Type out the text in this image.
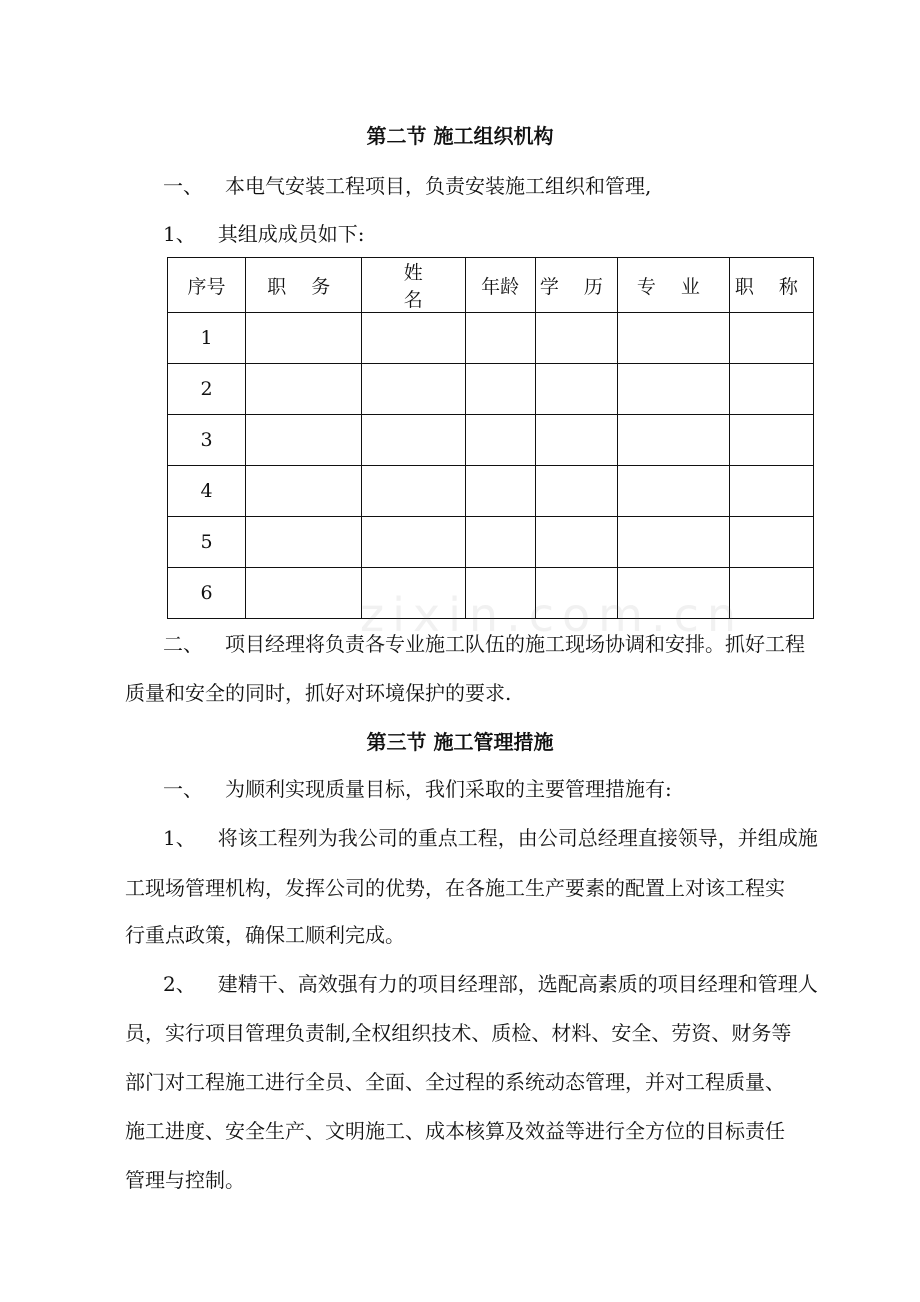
第二节 施工组织机构
一、 本电气安装工程项目，负责安装施工组织和管理,
1、 其组成成员如下:
序号	职 务	姓 名	年龄	学 历	专 业	职 称
1						
2						
3						
4						
5						
6							zixin.com.cn
二、 项目经理将负责各专业施工队伍的施工现场协调和安排。抓好工程
质量和安全的同时，抓好对环境保护的要求.
第三节 施工管理措施
一、 为顺利实现质量目标，我们采取的主要管理措施有:
1、 将该工程列为我公司的重点工程，由公司总经理直接领导，并组成施
工现场管理机构，发挥公司的优势，在各施工生产要素的配置上对该工程实
行重点政策，确保工顺利完成。
2、 建精干、高效强有力的项目经理部，选配高素质的项目经理和管理人
员，实行项目管理负责制,全权组织技术、质检、材料、安全、劳资、财务等
部门对工程施工进行全员、全面、全过程的系统动态管理，并对工程质量、
施工进度、安全生产、文明施工、成本核算及效益等进行全方位的目标责任
管理与控制。
